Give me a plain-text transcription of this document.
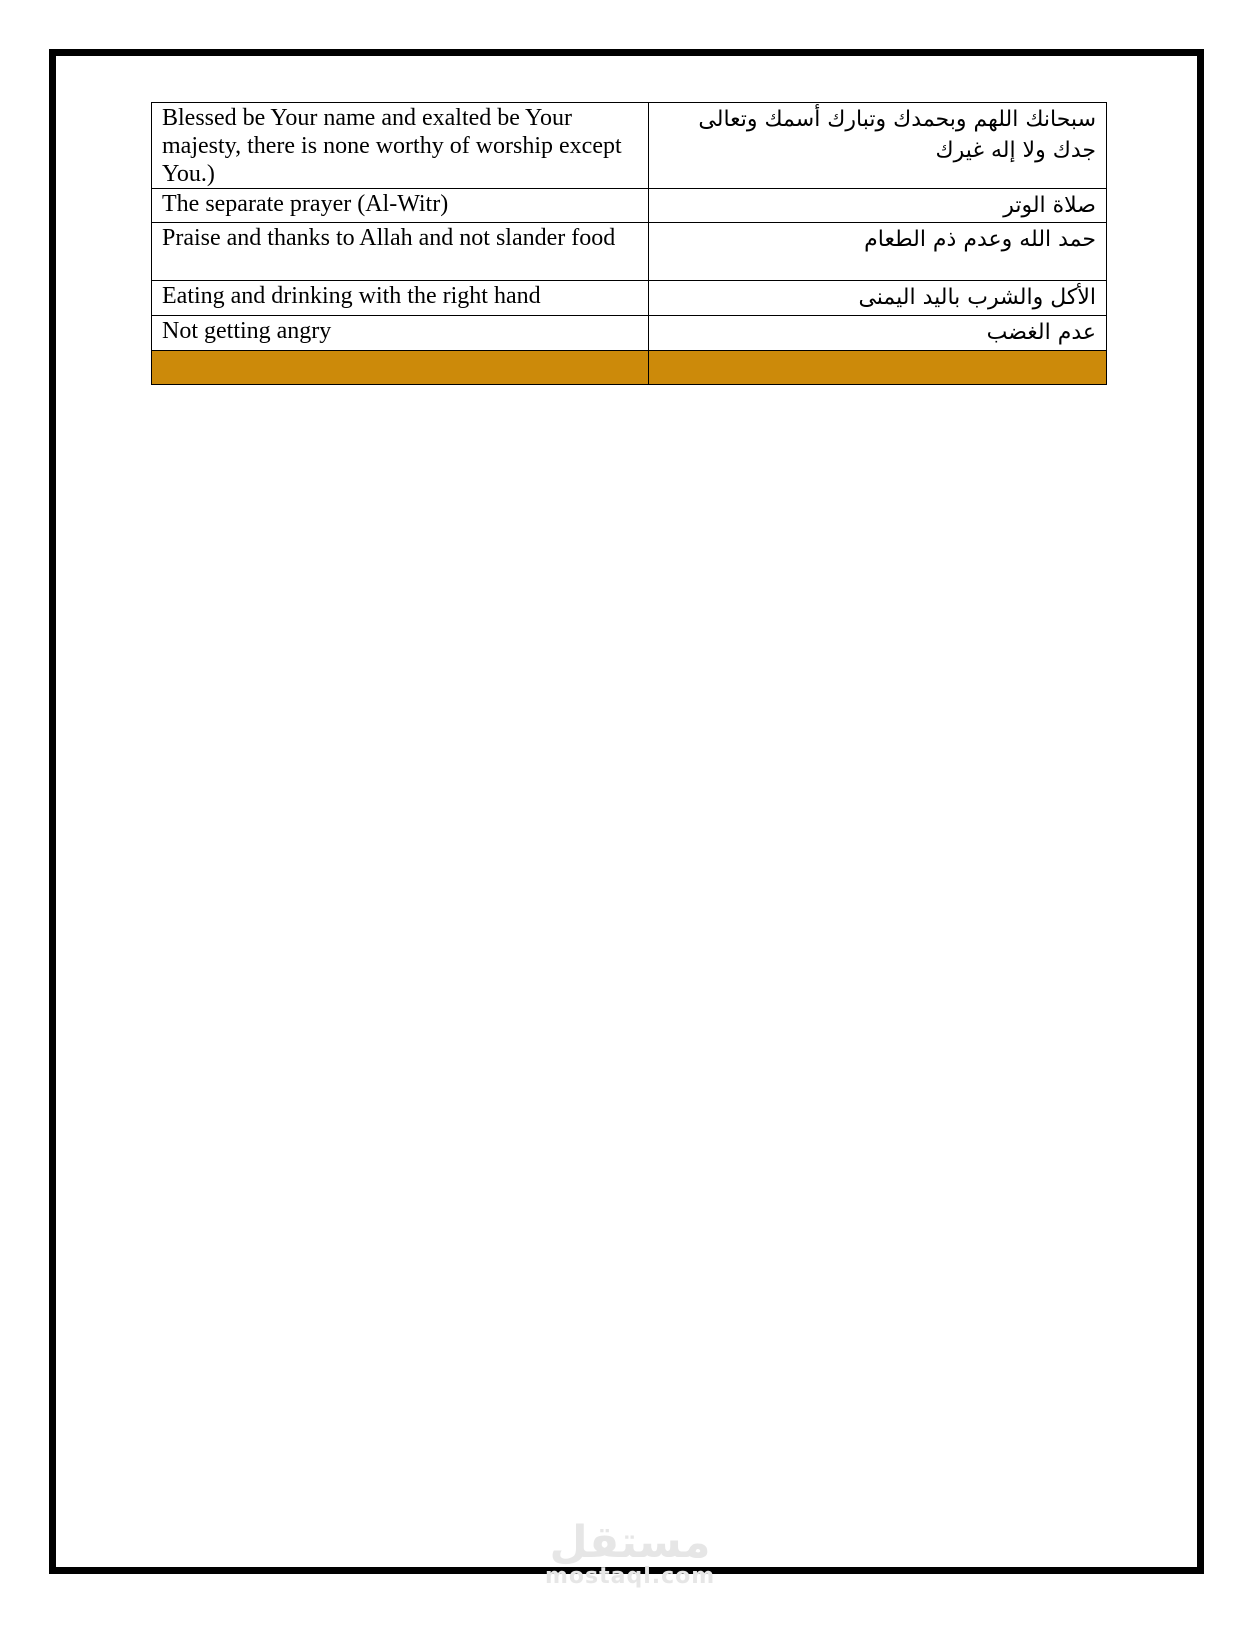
Blessed be Your name and exalted be Your majesty, there is none worthy of worship except You.)	سبحانك اللهم وبحمدك وتبارك أسمك وتعالى جدك ولا إله غيرك
The separate prayer (Al-Witr)	صلاة الوتر
Praise and thanks to Allah and not slander food	حمد الله وعدم ذم الطعام
Eating and drinking with the right hand	الأكل والشرب باليد اليمنى
Not getting angry	عدم الغضب

مستقل
mostaql.com
